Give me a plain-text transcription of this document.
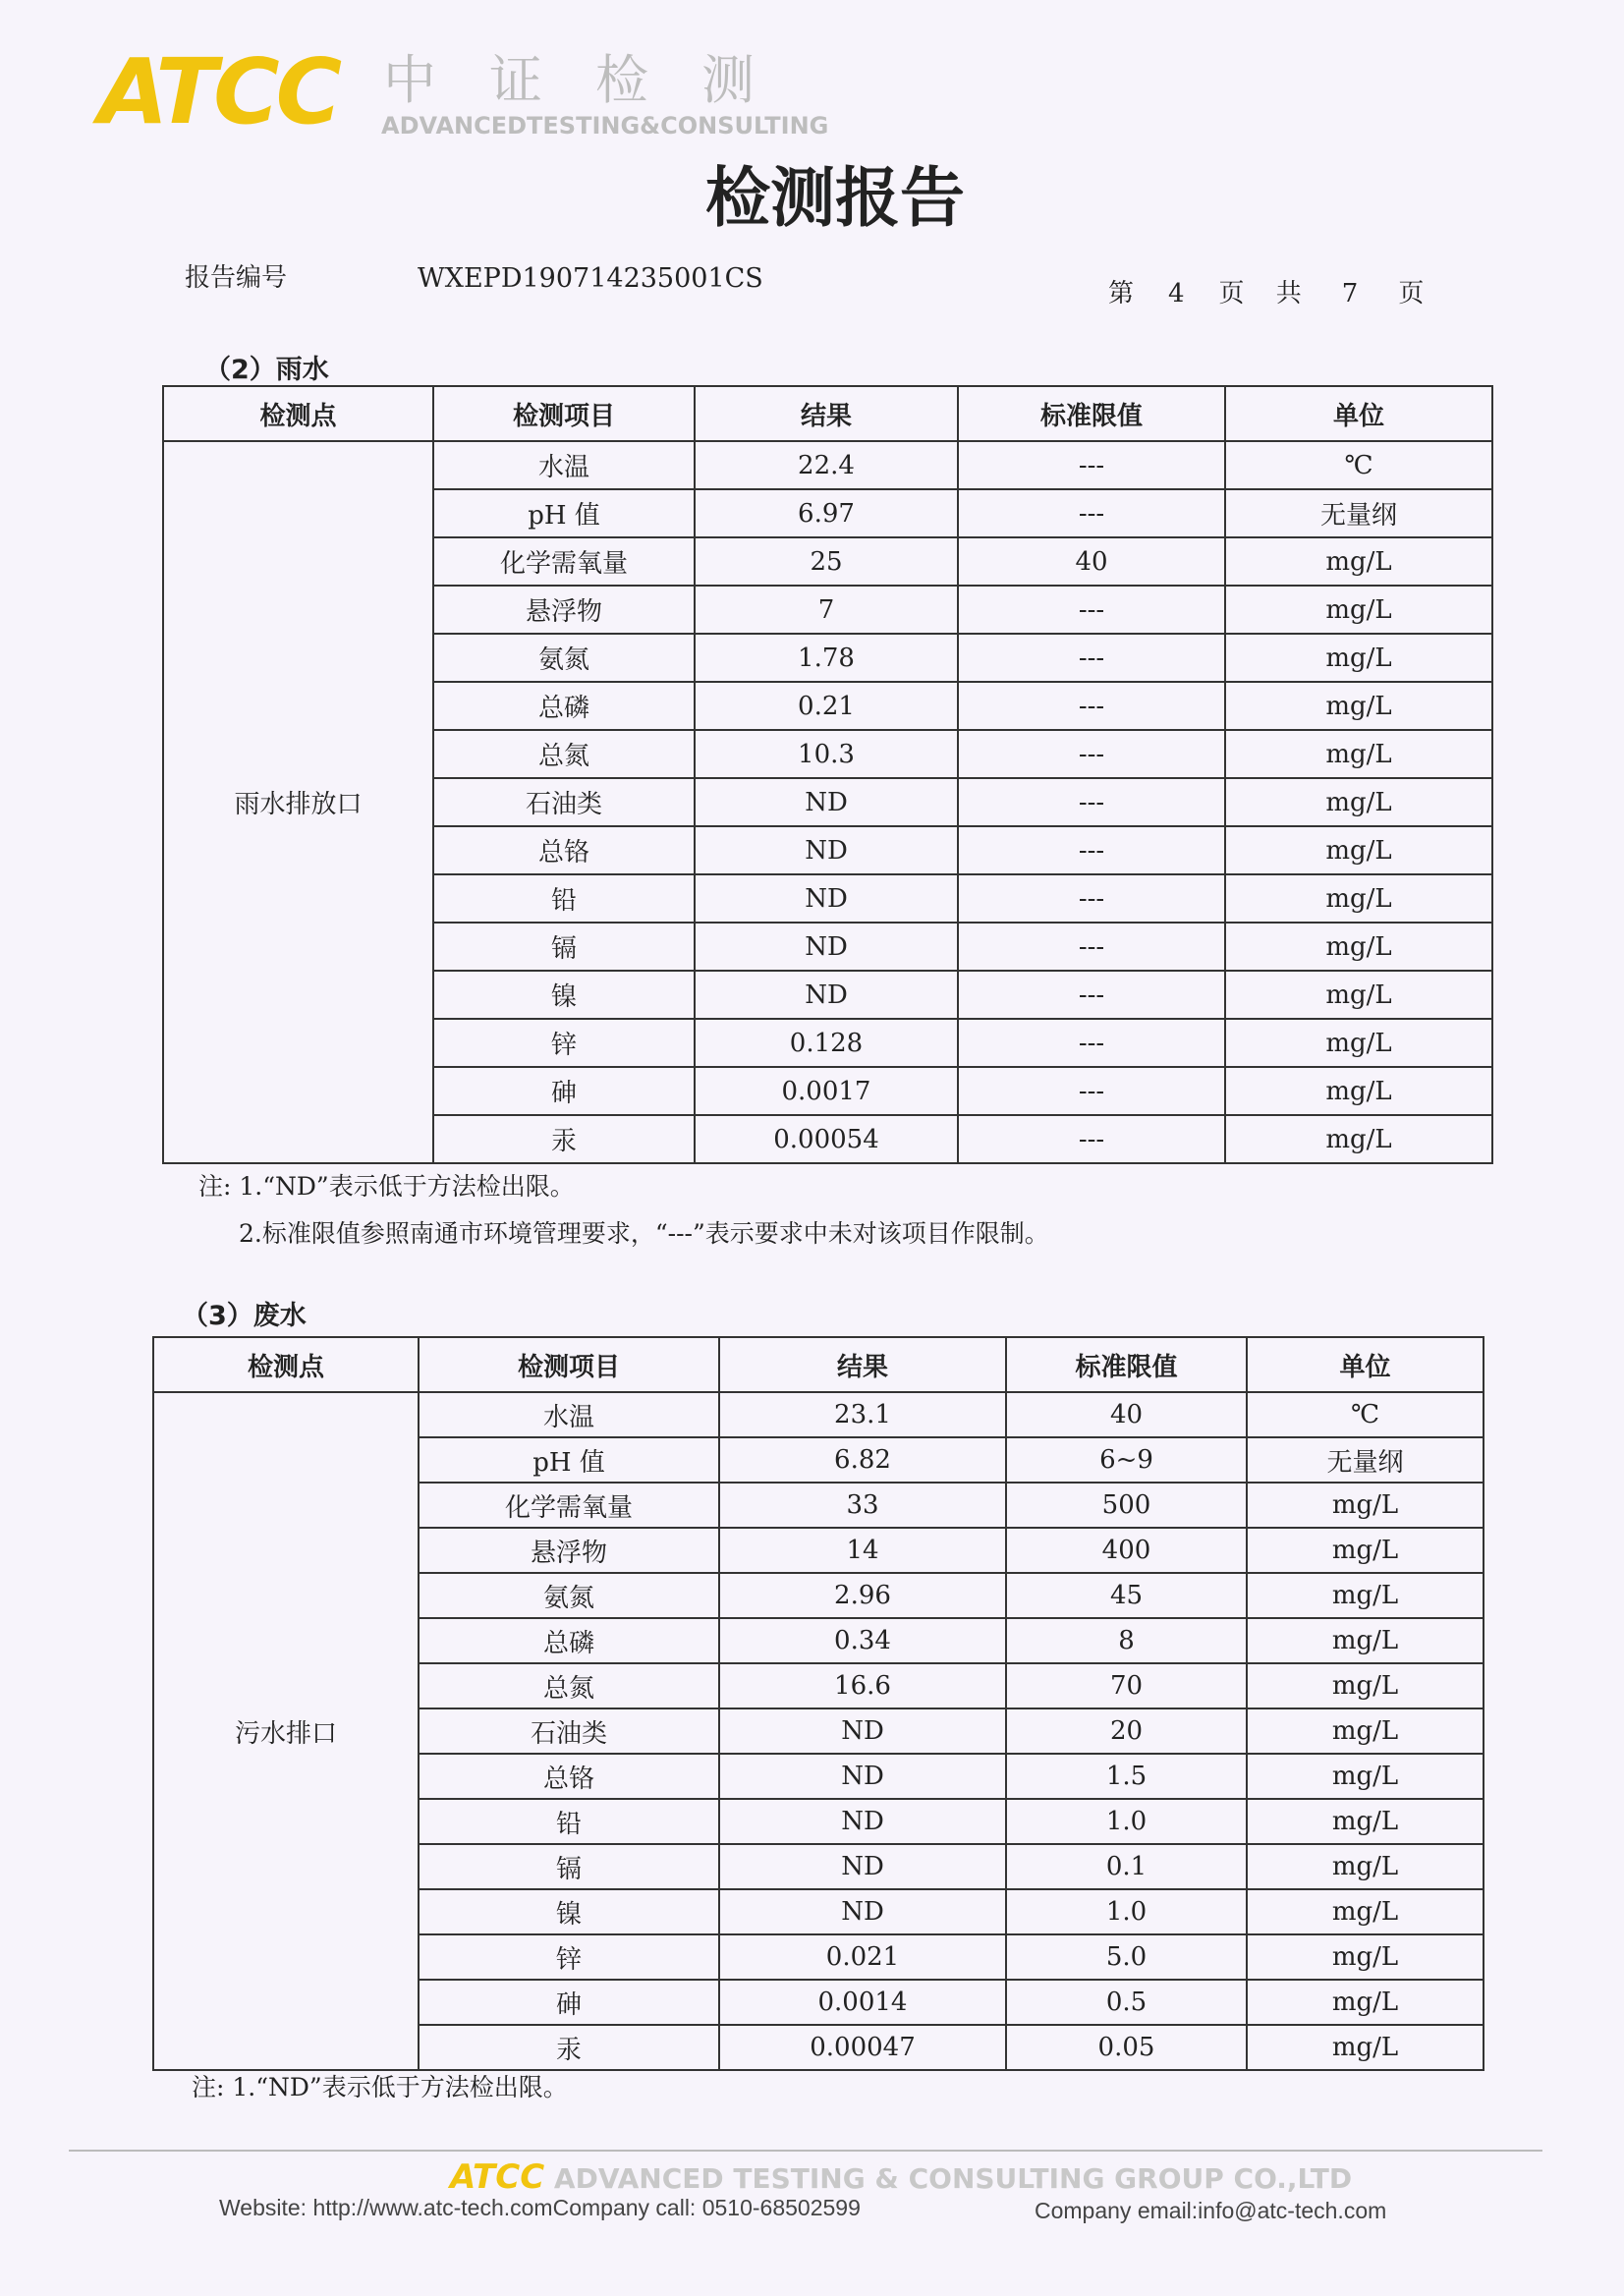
ATCC 中证检测
ADVANCEDTESTING&CONSULTING
检测报告
报告编号	WXEPD190714235001CS	第 4 页 共 7 页
（2）雨水
检测点	检测项目	结果	标准限值	单位
雨水排放口	水温	22.4	---	℃
	pH 值	6.97	---	无量纲
	化学需氧量	25	40	mg/L
	悬浮物	7	---	mg/L
	氨氮	1.78	---	mg/L
	总磷	0.21	---	mg/L
	总氮	10.3	---	mg/L
	石油类	ND	---	mg/L
	总铬	ND	---	mg/L
	铅	ND	---	mg/L
	镉	ND	---	mg/L
	镍	ND	---	mg/L
	锌	0.128	---	mg/L
	砷	0.0017	---	mg/L
	汞	0.00054	---	mg/L
注: 1.“ND”表示低于方法检出限。
2.标准限值参照南通市环境管理要求，“---”表示要求中未对该项目作限制。
（3）废水
检测点	检测项目	结果	标准限值	单位
污水排口	水温	23.1	40	℃
	pH 值	6.82	6~9	无量纲
	化学需氧量	33	500	mg/L
	悬浮物	14	400	mg/L
	氨氮	2.96	45	mg/L
	总磷	0.34	8	mg/L
	总氮	16.6	70	mg/L
	石油类	ND	20	mg/L
	总铬	ND	1.5	mg/L
	铅	ND	1.0	mg/L
	镉	ND	0.1	mg/L
	镍	ND	1.0	mg/L
	锌	0.021	5.0	mg/L
	砷	0.0014	0.5	mg/L
	汞	0.00047	0.05	mg/L
注: 1.“ND”表示低于方法检出限。
ATCC ADVANCED TESTING & CONSULTING GROUP CO.,LTD
Website: http://www.atc-tech.comCompany call: 0510-68502599	Company email:info@atc-tech.com
